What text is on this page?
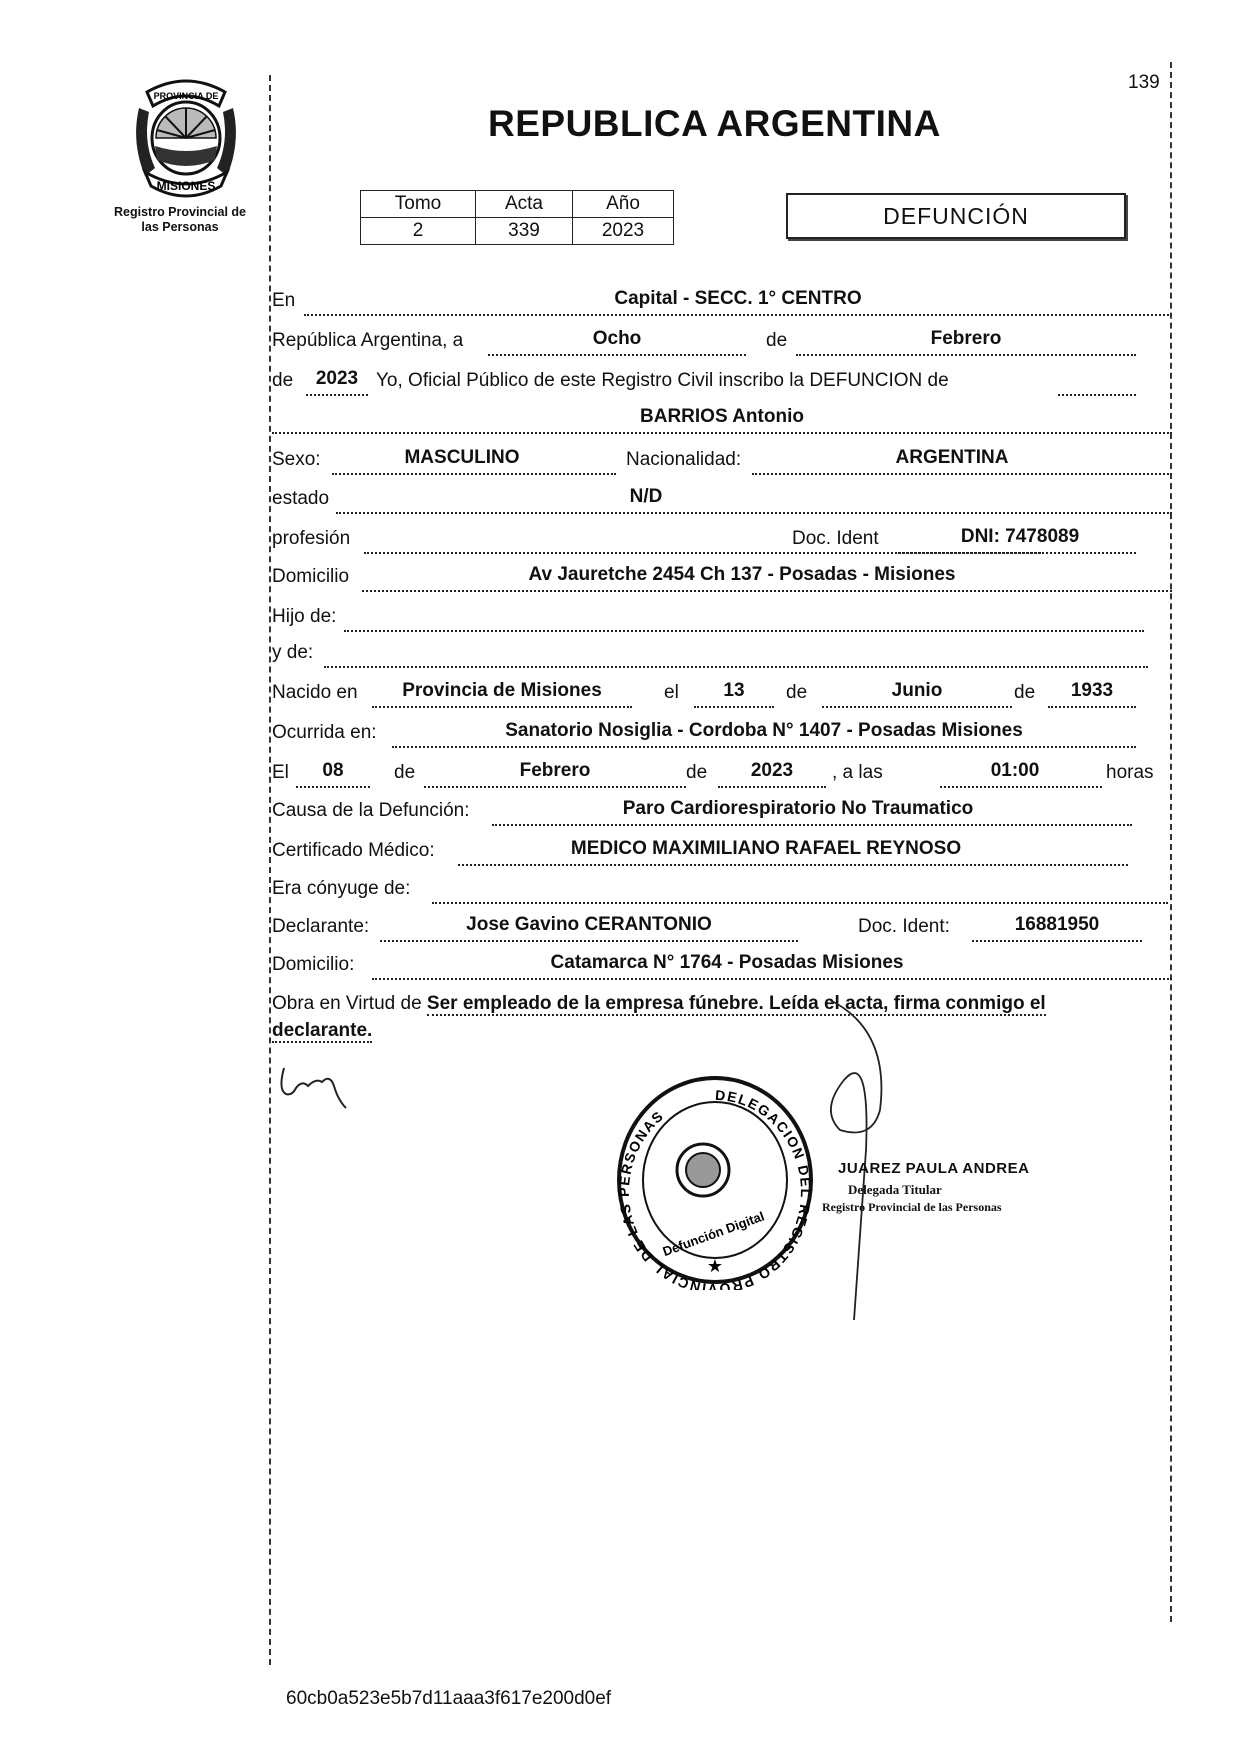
139
PROVINCIA DE
MISIONES
Registro Provincial de
las Personas
REPUBLICA ARGENTINA
Tomo	Acta	Año
2	339	2023
DEFUNCIÓN
En	Capital - SECC. 1° CENTRO
República Argentina, a	Ocho	de	Febrero
de	2023 Yo, Oficial Público de este Registro Civil inscribo la DEFUNCION de
BARRIOS Antonio
Sexo:	MASCULINO	Nacionalidad:	ARGENTINA
estado	N/D
profesión	Doc. Ident	DNI: 7478089
Domicilio	Av Jauretche 2454 Ch 137 - Posadas - Misiones
Hijo de:
y de:
Nacido en	Provincia de Misiones	el	13	de	Junio	de	1933
Ocurrida en:	Sanatorio Nosiglia - Cordoba N° 1407 - Posadas Misiones
El	08	de	Febrero	de	2023	, a las	01:00	horas
Causa de la Defunción:	Paro Cardiorespiratorio No Traumatico
Certificado Médico:	MEDICO MAXIMILIANO RAFAEL REYNOSO
Era cónyuge de:
Declarante:	Jose Gavino CERANTONIO	Doc. Ident:	16881950
Domicilio:	Catamarca N° 1764 - Posadas Misiones
Obra en Virtud de Ser empleado de la empresa fúnebre. Leída el acta, firma conmigo el
declarante.
DELEGACION DEL REGISTRO PROVINCIAL DE LAS PERSONAS
Defunción Digital
★
JUAREZ PAULA ANDREA
Delegada Titular
Registro Provincial de las Personas
60cb0a523e5b7d11aaa3f617e200d0ef
